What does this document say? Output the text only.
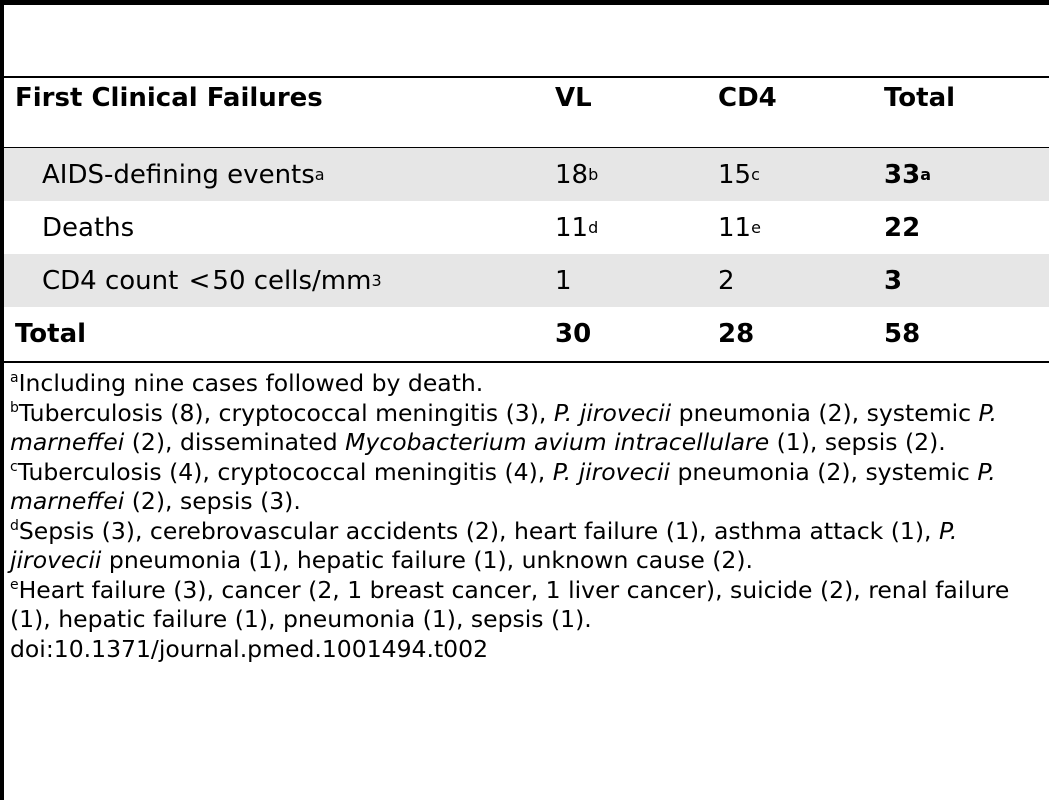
First Clinical Failures	VL	CD4	Total
AIDS-defining events a	18 b	15 c	33 a
Deaths	11 d	11 e	22
CD4 count < 50 cells/mm 3	1	2	3
Total	30	28	58

$^a$Including nine cases followed by death.

$^b$Tuberculosis (8), cryptococcal meningitis (3), P. jirovecii pneumonia (2), systemic P. marneffei (2), disseminated Mycobacterium avium intracellulare (1), sepsis (2).

$^c$Tuberculosis (4), cryptococcal meningitis (4), P. jirovecii pneumonia (2), systemic P. marneffei (2), sepsis (3).

$^d$Sepsis (3), cerebrovascular accidents (2), heart failure (1), asthma attack (1), P. jirovecii pneumonia (1), hepatic failure (1), unknown cause (2).

$^e$Heart failure (3), cancer (2, 1 breast cancer, 1 liver cancer), suicide (2), renal failure (1), hepatic failure (1), pneumonia (1), sepsis (1).

doi:10.1371/journal.pmed.1001494.t002
